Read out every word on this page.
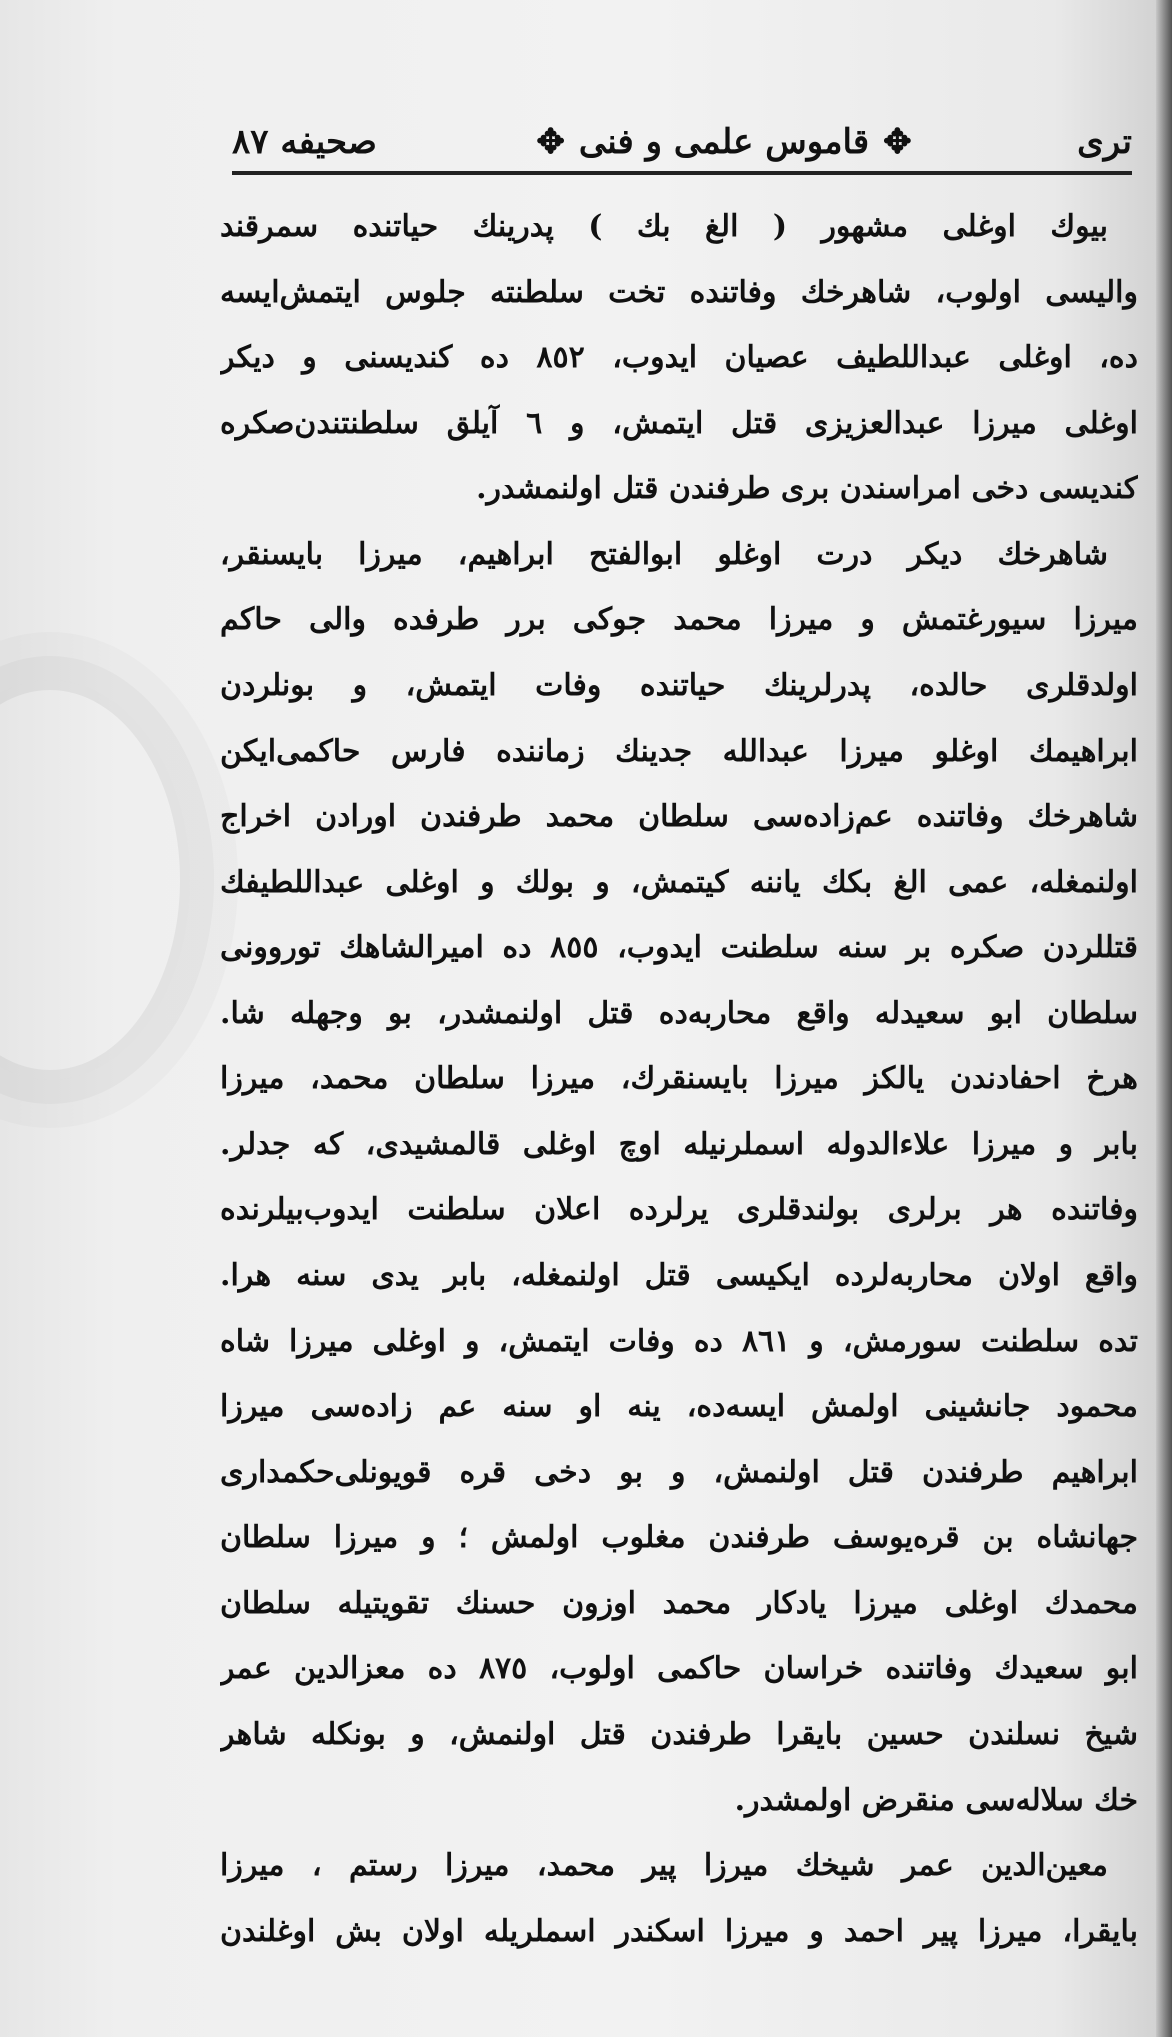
تری
✥
قاموس علمی و فنی
✥
صحیفه ٨٧
بیوك اوغلی مشهور ( الغ بك ) پدرینك حیاتنده سمرقند
والیسی اولوب، شاهرخك وفاتنده تخت سلطنته جلوس ایتمش‌ایسه‌
ده، اوغلی عبداللطیف عصیان ایدوب، ٨٥٢ ده كندیسنی و دیكر
اوغلی میرزا عبدالعزیزی قتل ایتمش، و ٦ آیلق سلطنتندن‌صكره
كندیسی دخی امراسندن بری طرفندن قتل اولنمشدر.
شاهرخك دیكر درت اوغلو ابوالفتح ابراهیم، میرزا بایسنقر،
میرزا سیورغتمش و میرزا محمد جوكی برر طرفده والی حاكم
اولدقلری حالده، پدرلرینك حیاتنده وفات ایتمش، و بونلردن
ابراهیمك اوغلو میرزا عبدالله جدینك زماننده فارس حاكمی‌ایكن
شاهرخك وفاتنده عم‌زاده‌سی سلطان محمد طرفندن اورادن اخراج
اولنمغله، عمی الغ بكك یاننه كیتمش، و بولك و اوغلی عبداللطیفك
قتللردن صكره بر سنه سلطنت ایدوب، ٨٥٥ ده امیرالشاهك توروونی
سلطان ابو سعیدله واقع محاربه‌ده قتل اولنمشدر، بو وجهله شا.
هرخ احفادندن یالكز میرزا بایسنقرك، میرزا سلطان محمد، میرزا
بابر و میرزا علاءالدوله اسملرنیله اوچ اوغلی قالمشیدی، كه جدلر.
وفاتنده هر برلری بولندقلری یرلرده اعلان سلطنت ایدوب‌بیلرنده
واقع اولان محاربه‌لرده ایكیسی قتل اولنمغله، بابر یدی سنه هرا.
تده سلطنت سورمش، و ٨٦١ ده وفات ایتمش، و اوغلی میرزا شاه
محمود جانشینی اولمش ایسه‌ده، ینه او سنه عم زاده‌سی میرزا
ابراهیم طرفندن قتل اولنمش، و بو دخی قره قویونلی‌حكمداری
جهانشاه بن قره‌یوسف طرفندن مغلوب اولمش ؛ و میرزا سلطان
محمدك اوغلی میرزا یادكار محمد اوزون حسنك تقویتیله سلطان
ابو سعیدك وفاتنده خراسان حاكمی اولوب، ٨٧٥ ده معزالدین عمر
شیخ نسلندن حسین بایقرا طرفندن قتل اولنمش، و بونكله شاهر
خك سلاله‌سی منقرض اولمشدر.
معین‌الدین عمر شیخك میرزا پیر محمد، میرزا رستم ، میرزا
بایقرا، میرزا پیر احمد و میرزا اسكندر اسملریله اولان بش اوغلندن
